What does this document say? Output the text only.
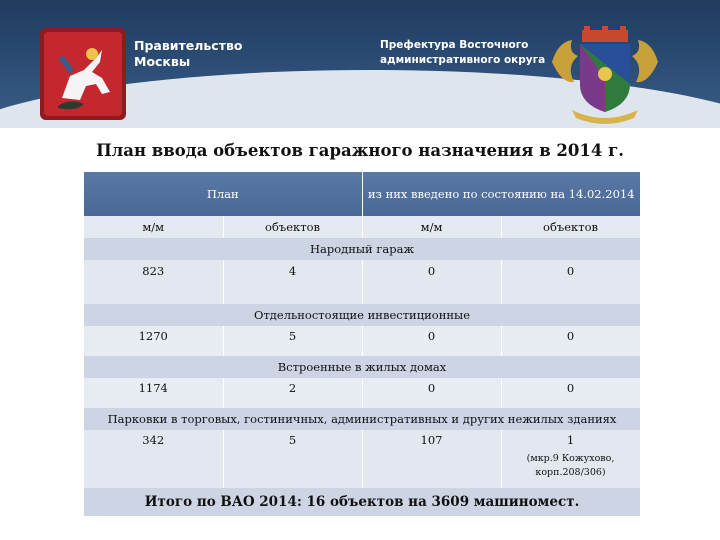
Правительство
Москвы
Префектура Восточного
административного округа
План ввода объектов гаражного назначения в 2014 г.
План		из них введено по состоянию на 14.02.2014	
м/м	объектов	м/м	объектов
Народный гараж			
823	4	0	0
Отдельностоящие инвестиционные			
1270	5	0	0
Встроенные в жилых домах			
1174	2	0	0
Парковки в торговых, гостиничных, административных и других нежилых зданиях			
342	5	107	1
(мкр.9 Кожухово, корп.208/306)

Итого по ВАО 2014: 16 объектов на 3609 машиномест.			
